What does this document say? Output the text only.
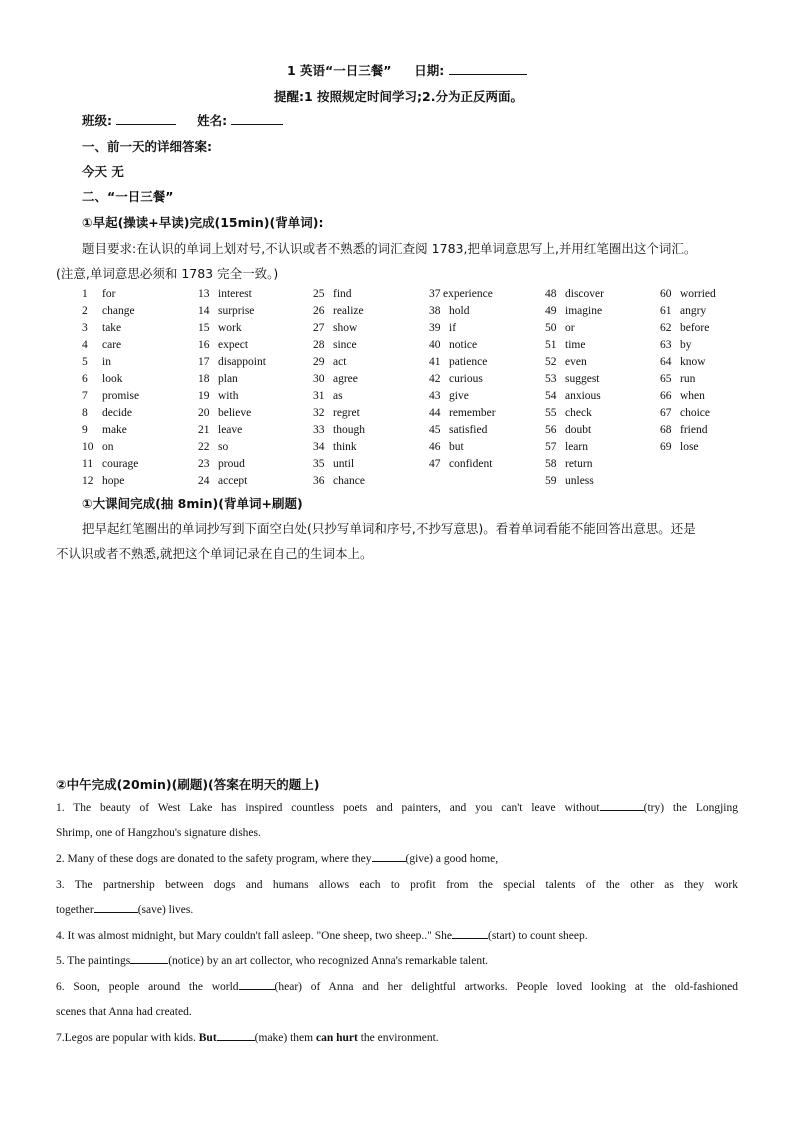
1 英语“一日三餐” 日期:
提醒:1 按照规定时间学习;2.分为正反两面。
班级:	姓名:
一、前一天的详细答案:
今天 无
二、“一日三餐”
①早起(操读+早读)完成(15min)(背单词):
题目要求:在认识的单词上划对号,不认识或者不熟悉的词汇查阅 1783,把单词意思写上,并用红笔圈出这个词汇。
(注意,单词意思必须和 1783 完全一致。)
1 for
2 change
3 take
4 care
5 in
6 look
7 promise
8 decide
9 make
10 on
11 courage
12 hope
13 interest
14 surprise
15 work
16 expect
17 disappoint
18 plan
19 with
20 believe
21 leave
22 so
23 proud
24 accept
25 find
26 realize
27 show
28 since
29 act
30 agree
31 as
32 regret
33 though
34 think
35 until
36 chance
37 experience
38 hold
39 if
40 notice
41 patience
42 curious
43 give
44 remember
45 satisfied
46 but
47 confident
48 discover
49 imagine
50 or
51 time
52 even
53 suggest
54 anxious
55 check
56 doubt
57 learn
58 return
59 unless
60 worried
61 angry
62 before
63 by
64 know
65 run
66 when
67 choice
68 friend
69 lose
①大课间完成(抽 8min)(背单词+刷题)
把早起红笔圈出的单词抄写到下面空白处(只抄写单词和序号,不抄写意思)。看着单词看能不能回答出意思。还是
不认识或者不熟悉,就把这个单词记录在自己的生词本上。
②中午完成(20min)(刷题)(答案在明天的题上)
1. The beauty of West Lake has inspired countless poets and painters, and you can't leave without	(try) the Longjing
Shrimp, one of Hangzhou's signature dishes.
2. Many of these dogs are donated to the safety program, where they	(give) a good home,
3. The partnership between dogs and humans allows each to profit from the special talents of the other as they work
together	(save) lives.
4. It was almost midnight, but Mary couldn't fall asleep. "One sheep, two sheep.." She	(start) to count sheep.
5. The paintings	(notice) by an art collector, who recognized Anna's remarkable talent.
6. Soon, people around the world	(hear) of Anna and her delightful artworks. People loved looking at the old-fashioned
scenes that Anna had created.
7.Legos are popular with kids. But	(make) them can hurt the environment.
